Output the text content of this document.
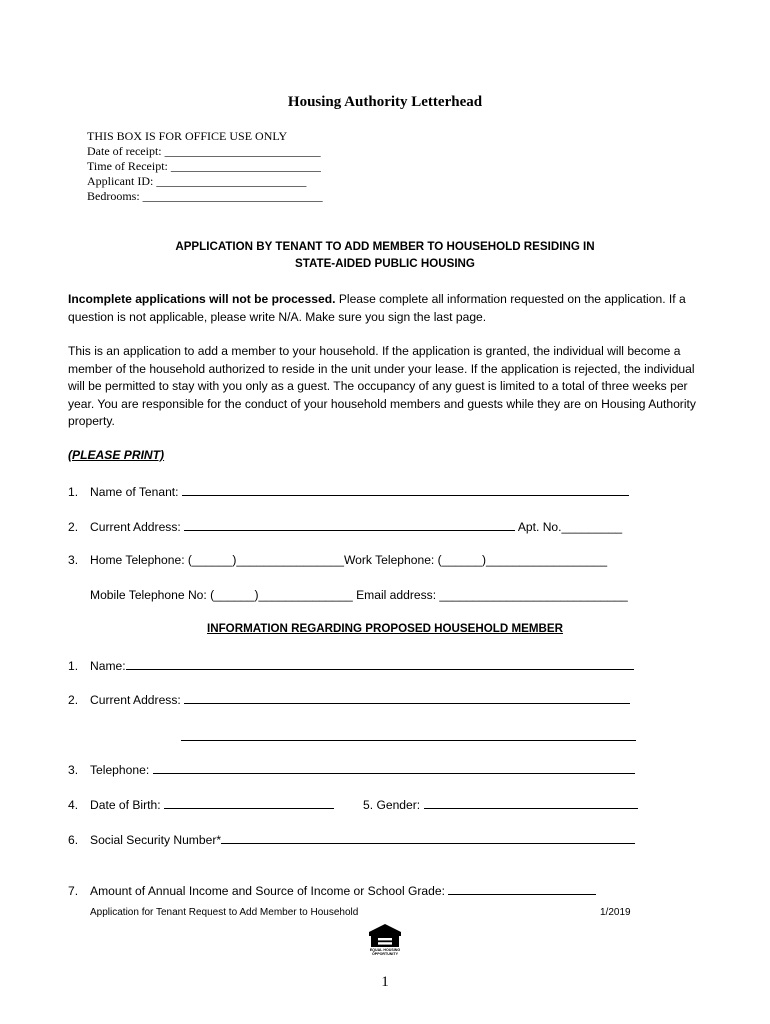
Housing Authority Letterhead
THIS BOX IS FOR OFFICE USE ONLY
Date of receipt: __________________________
Time of Receipt: _________________________
Applicant ID: _________________________
Bedrooms: ______________________________
APPLICATION BY TENANT TO ADD MEMBER TO HOUSEHOLD RESIDING IN
STATE-AIDED PUBLIC HOUSING
Incomplete applications will not be processed. Please complete all information requested on the application. If a question is not applicable, please write N/A. Make sure you sign the last page.
This is an application to add a member to your household. If the application is granted, the individual will become a member of the household authorized to reside in the unit under your lease. If the application is rejected, the individual will be permitted to stay with you only as a guest. The occupancy of any guest is limited to a total of three weeks per year. You are responsible for the conduct of your household members and guests while they are on Housing Authority property.
(PLEASE PRINT)
1. Name of Tenant:
2. Current Address:	Apt. No._________
3. Home Telephone: (______)________________Work Telephone: (______)__________________
Mobile Telephone No: (______)______________ Email address: ____________________________
INFORMATION REGARDING PROPOSED HOUSEHOLD MEMBER
1. Name:
2. Current Address:
3. Telephone:
4. Date of Birth:	5. Gender:
6. Social Security Number*
7. Amount of Annual Income and Source of Income or School Grade:
Application for Tenant Request to Add Member to Household	1/2019
EQUAL HOUSING OPPORTUNITY
1
